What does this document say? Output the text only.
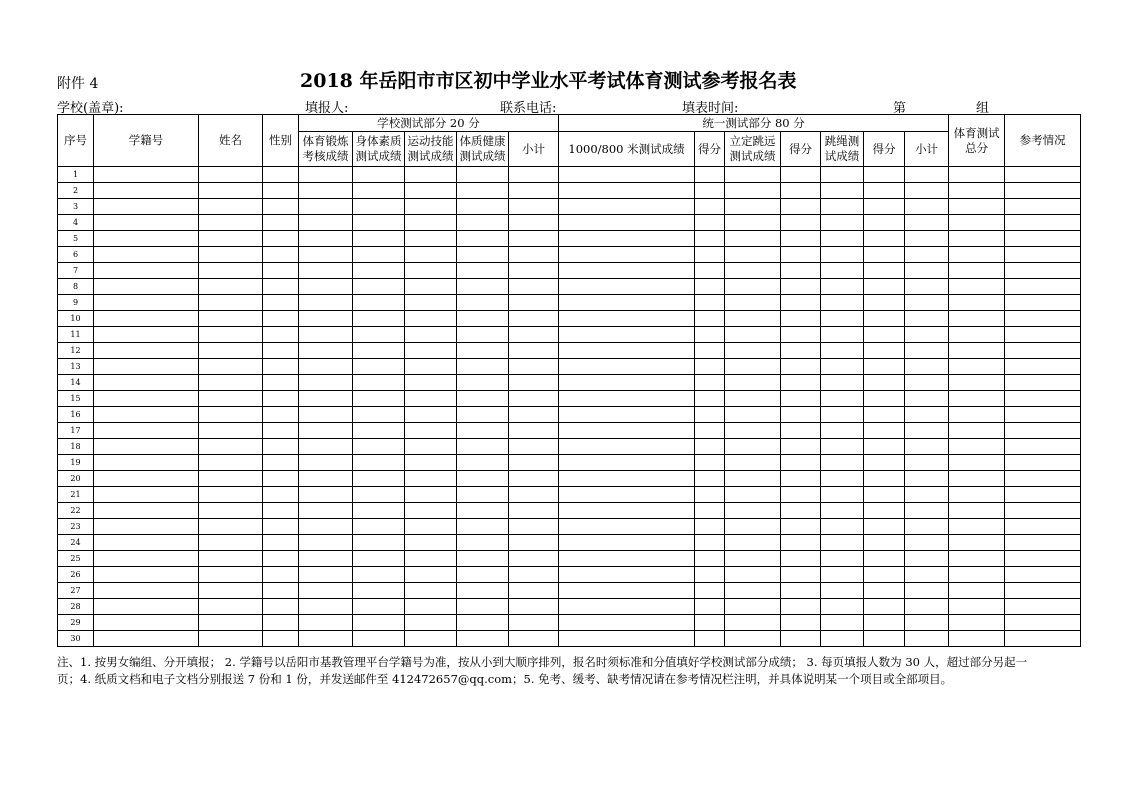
附件 4	2018 年岳阳市市区初中学业水平考试体育测试参考报名表
学校(盖章):	填报人:	联系电话:	填表时间:	第	组
序号	学籍号	姓名	性别	学校测试部分 20 分					统一测试部分 80 分							体育测试总分	参考情况
				体育锻炼考核成绩	身体素质测试成绩	运动技能测试成绩	体质健康测试成绩	小计	1000/800 米测试成绩	得分	立定跳远测试成绩	得分	跳绳测试成绩	得分	小计		
1																	
2																	
3																	
4																	
5																	
6																	
7																	
8																	
9																	
10																	
11																	
12																	
13																	
14																	
15																	
16																	
17																	
18																	
19																	
20																	
21																	
22																	
23																	
24																	
25																	
26																	
27																	
28																	
29																	
30																	
注、1. 按男女编组、分开填报； 2. 学籍号以岳阳市基教管理平台学籍号为准，按从小到大顺序排列，报名时须标准和分值填好学校测试部分成绩； 3. 每页填报人数为 30 人，超过部分另起一
页；4. 纸质文档和电子文档分别报送 7 份和 1 份，并发送邮件至 412472657@qq.com；5. 免考、缓考、缺考情况请在参考情况栏注明，并具体说明某一个项目或全部项目。
